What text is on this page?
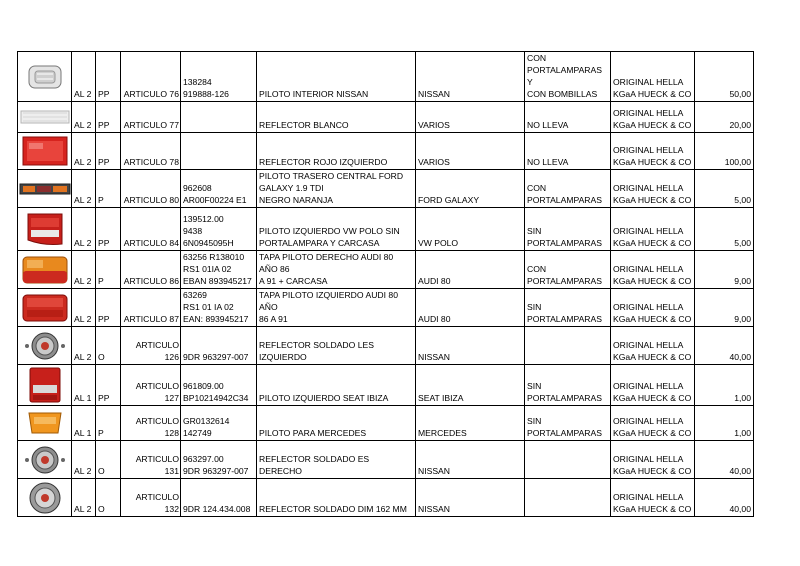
	AL 2	PP	ARTICULO 76	138284
919888-126	PILOTO INTERIOR NISSAN	NISSAN	CON
PORTALAMPARAS Y
CON BOMBILLAS	ORIGINAL HELLA
KGaA HUECK & CO	50,00

	AL 2	PP	ARTICULO 77		REFLECTOR BLANCO	VARIOS	NO LLEVA	ORIGINAL HELLA
KGaA HUECK & CO	20,00

	AL 2	PP	ARTICULO 78		REFLECTOR ROJO IZQUIERDO	VARIOS	NO LLEVA	ORIGINAL HELLA
KGaA HUECK & CO	100,00

	AL 2	P	ARTICULO 80	962608
AR00F00224 E1	PILOTO TRASERO CENTRAL FORD
GALAXY 1.9 TDI
NEGRO NARANJA	FORD GALAXY	CON
PORTALAMPARAS	ORIGINAL HELLA
KGaA HUECK & CO	5,00

	AL 2	PP	ARTICULO 84	139512.00
9438
6N0945095H	PILOTO IZQUIERDO VW POLO SIN
PORTALAMPARA Y CARCASA	VW POLO	SIN
PORTALAMPARAS	ORIGINAL HELLA
KGaA HUECK & CO	5,00

	AL 2	P	ARTICULO 86	63256 R138010
RS1 01IA 02
EBAN 893945217	TAPA PILOTO DERECHO AUDI 80 AÑO 86
A 91 + CARCASA	AUDI 80	CON
PORTALAMPARAS	ORIGINAL HELLA
KGaA HUECK & CO	9,00

	AL 2	PP	ARTICULO 87	63269
RS1 01 IA 02
EAN: 893945217	TAPA PILOTO IZQUIERDO AUDI 80 AÑO
86 A 91	AUDI 80	SIN
PORTALAMPARAS	ORIGINAL HELLA
KGaA HUECK & CO	9,00

	AL 2	O	ARTICULO 126	9DR 963297-007	REFLECTOR SOLDADO LES IZQUIERDO	NISSAN		ORIGINAL HELLA
KGaA HUECK & CO	40,00

	AL 1	PP	ARTICULO 127	961809.00
BP10214942C34	PILOTO IZQUIERDO SEAT IBIZA	SEAT IBIZA	SIN
PORTALAMPARAS	ORIGINAL HELLA
KGaA HUECK & CO	1,00

	AL 1	P	ARTICULO 128	GR0132614
142749	PILOTO PARA MERCEDES	MERCEDES	SIN
PORTALAMPARAS	ORIGINAL HELLA
KGaA HUECK & CO	1,00

	AL 2	O	ARTICULO 131	963297.00
9DR 963297-007	REFLECTOR SOLDADO ES DERECHO	NISSAN		ORIGINAL HELLA
KGaA HUECK & CO	40,00

	AL 2	O	ARTICULO 132	9DR 124.434.008	REFLECTOR SOLDADO DIM 162 MM	NISSAN		ORIGINAL HELLA
KGaA HUECK & CO	40,00
